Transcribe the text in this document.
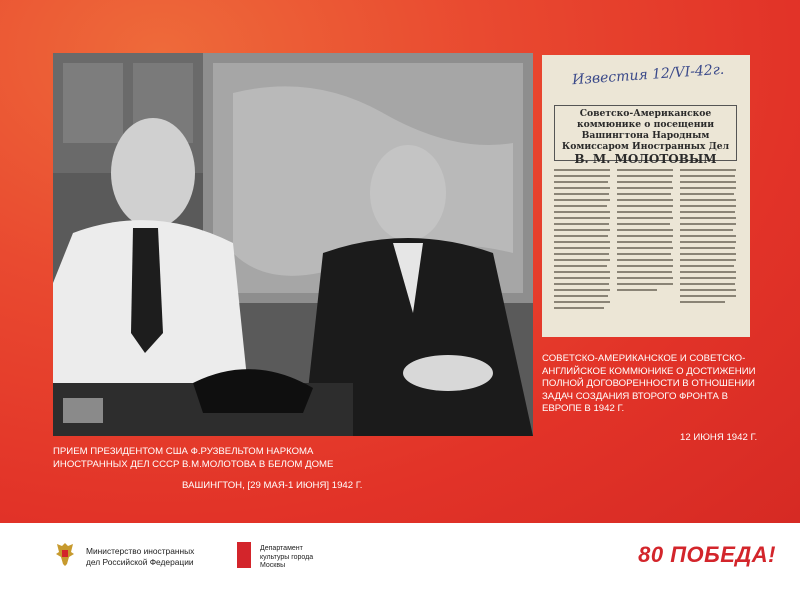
Известия 12/VI-42г.
Советско-Американское коммюнике о посещении Вашингтона Народным Комиссаром Иностранных Дел
В. М. МОЛОТОВЫМ
ПРИЕМ ПРЕЗИДЕНТОМ США Ф.РУЗВЕЛЬТОМ НАРКОМА ИНОСТРАННЫХ ДЕЛ СССР В.М.МОЛОТОВА В БЕЛОМ ДОМЕ
ВАШИНГТОН, [29 МАЯ-1 ИЮНЯ] 1942 Г.
СОВЕТСКО-АМЕРИКАНСКОЕ И СОВЕТСКО-АНГЛИЙСКОЕ КОММЮНИКЕ О ДОСТИЖЕНИИ ПОЛНОЙ ДОГОВОРЕННОСТИ В ОТНОШЕНИИ ЗАДАЧ СОЗДАНИЯ ВТОРОГО ФРОНТА В ЕВРОПЕ В 1942 Г.
12 ИЮНЯ 1942 Г.
Министерство иностранных дел Российской Федерации
Департамент культуры города Москвы	80 ПОБЕДА!
